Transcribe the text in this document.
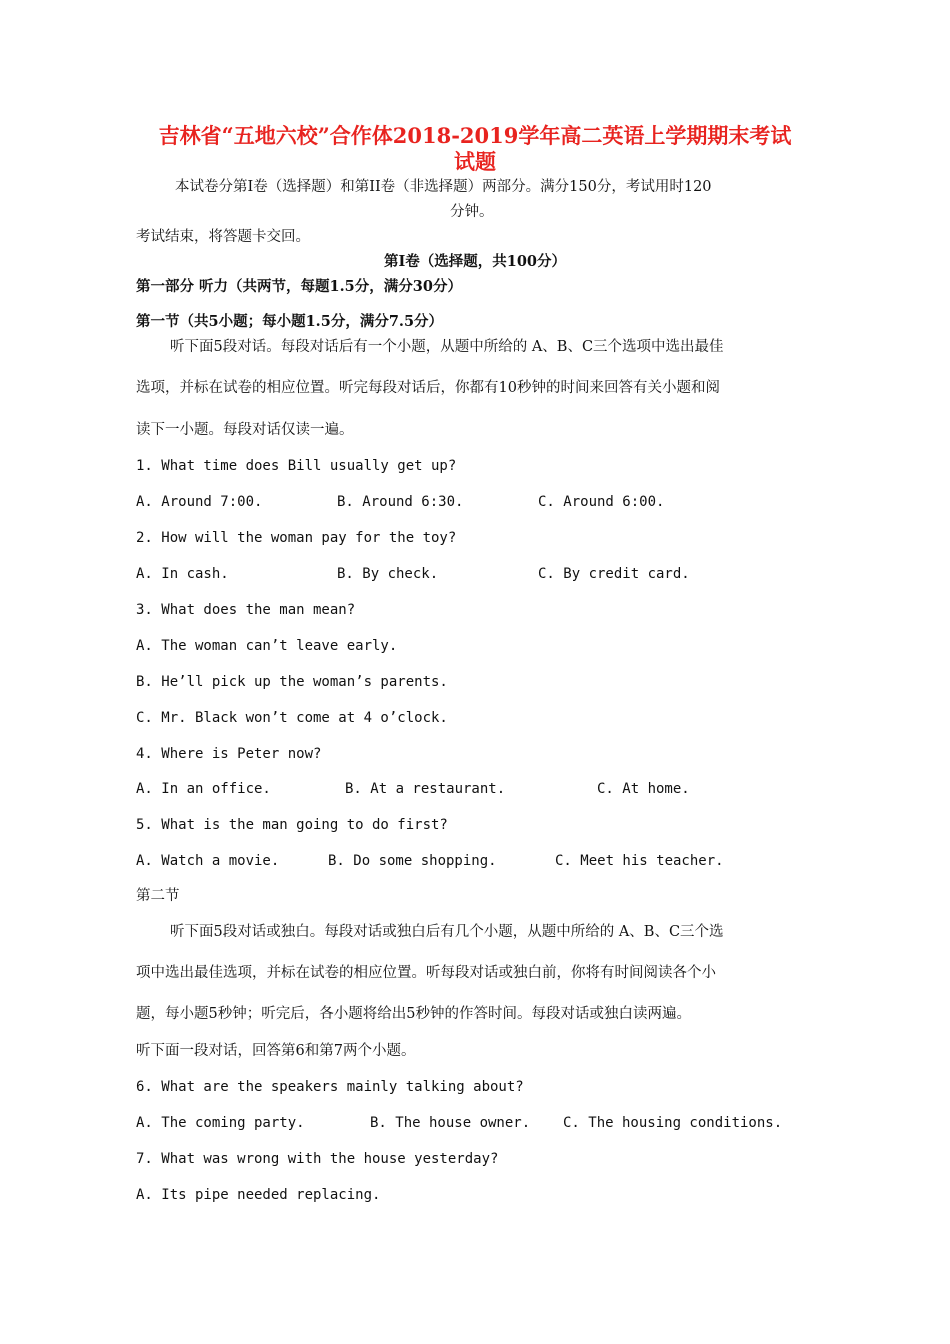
吉林省“五地六校”合作体2018-2019学年高二英语上学期期末考试
试题
本试卷分第Ⅰ卷（选择题）和第II卷（非选择题）两部分。满分150分，考试用时120
分钟。
考试结束，将答题卡交回。
第Ⅰ卷（选择题，共100分）
第一部分 听力（共两节，每题1.5分，满分30分）
第一节（共5小题；每小题1.5分，满分7.5分）
听下面5段对话。每段对话后有一个小题，从题中所给的 A、B、C三个选项中选出最佳
选项，并标在试卷的相应位置。听完每段对话后，你都有10秒钟的时间来回答有关小题和阅
读下一小题。每段对话仅读一遍。
1. What time does Bill usually get up?
A. Around 7:00.	B. Around 6:30.	C. Around 6:00.
2. How will the woman pay for the toy?
A. In cash.	B. By check.	C. By credit card.
3. What does the man mean?
A. The woman can’t leave early.
B. He’ll pick up the woman’s parents.
C. Mr. Black won’t come at 4 o’clock.
4. Where is Peter now?
A. In an office.	B. At a restaurant.	C. At home.
5. What is the man going to do first?
A. Watch a movie.	B. Do some shopping.	C. Meet his teacher.
第二节
听下面5段对话或独白。每段对话或独白后有几个小题，从题中所给的 A、B、C三个选
项中选出最佳选项，并标在试卷的相应位置。听每段对话或独白前，你将有时间阅读各个小
题，每小题5秒钟；听完后，各小题将给出5秒钟的作答时间。每段对话或独白读两遍。
听下面一段对话，回答第6和第7两个小题。
6. What are the speakers mainly talking about?
A. The coming party.	B. The house owner. C. The housing conditions.
7. What was wrong with the house yesterday?
A. Its pipe needed replacing.
